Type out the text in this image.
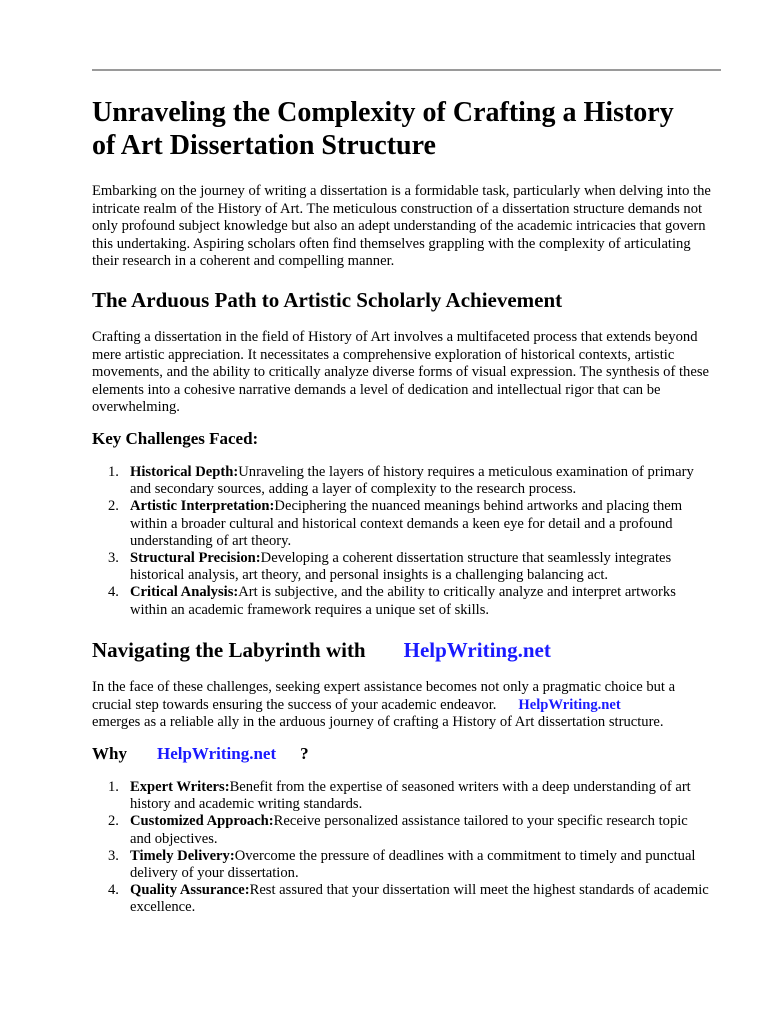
Unraveling the Complexity of Crafting a History of Art Dissertation Structure

Embarking on the journey of writing a dissertation is a formidable task, particularly when delving into the intricate realm of the History of Art. The meticulous construction of a dissertation structure demands not only profound subject knowledge but also an adept understanding of the academic intricacies that govern this undertaking. Aspiring scholars often find themselves grappling with the complexity of articulating their research in a coherent and compelling manner.

The Arduous Path to Artistic Scholarly Achievement

Crafting a dissertation in the field of History of Art involves a multifaceted process that extends beyond mere artistic appreciation. It necessitates a comprehensive exploration of historical contexts, artistic movements, and the ability to critically analyze diverse forms of visual expression. The synthesis of these elements into a cohesive narrative demands a level of dedication and intellectual rigor that can be overwhelming.

Key Challenges Faced:
1. Historical Depth:Unraveling the layers of history requires a meticulous examination of primary and secondary sources, adding a layer of complexity to the research process.
2. Artistic Interpretation:Deciphering the nuanced meanings behind artworks and placing them within a broader cultural and historical context demands a keen eye for detail and a profound understanding of art theory.
3. Structural Precision:Developing a coherent dissertation structure that seamlessly integrates historical analysis, art theory, and personal insights is a challenging balancing act.
4. Critical Analysis:Art is subjective, and the ability to critically analyze and interpret artworks within an academic framework requires a unique set of skills.
Navigating the Labyrinth with HelpWriting.net

In the face of these challenges, seeking expert assistance becomes not only a pragmatic choice but a crucial step towards ensuring the success of your academic endeavor. HelpWriting.net
emerges as a reliable ally in the arduous journey of crafting a History of Art dissertation structure.

Why HelpWriting.net ?
1. Expert Writers:Benefit from the expertise of seasoned writers with a deep understanding of art history and academic writing standards.
2. Customized Approach:Receive personalized assistance tailored to your specific research topic and objectives.
3. Timely Delivery:Overcome the pressure of deadlines with a commitment to timely and punctual delivery of your dissertation.
4. Quality Assurance:Rest assured that your dissertation will meet the highest standards of academic excellence.
